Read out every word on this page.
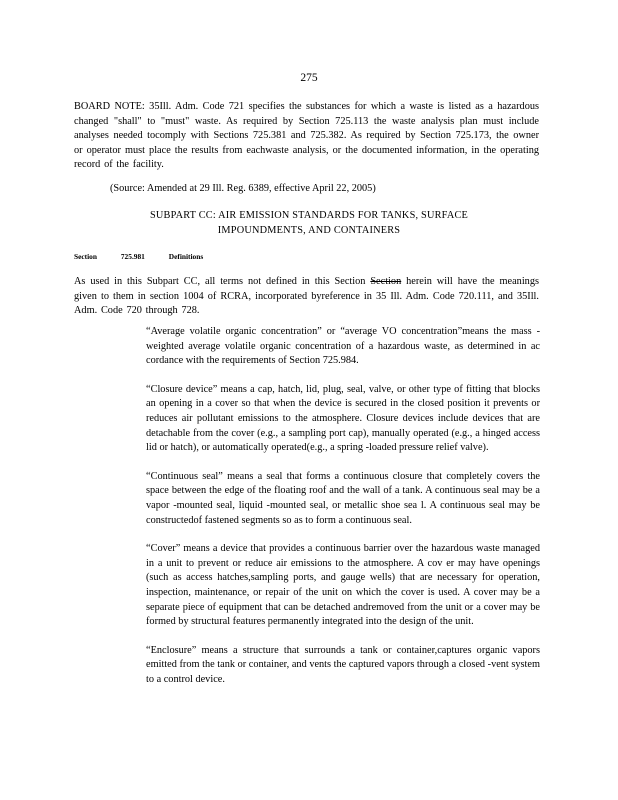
275
BOARD NOTE: 35Ill. Adm. Code 721 specifies the substances for which a waste is listed as a hazardous changed "shall" to "must" waste. As required by Section 725.113 the waste analysis plan must include analyses needed tocomply with Sections 725.381 and 725.382. As required by Section 725.173, the owner or operator must place the results from eachwaste analysis, or the documented information, in the operating record of the facility.
(Source: Amended at 29 Ill. Reg. 6389, effective April 22, 2005)
SUBPART CC: AIR EMISSION STANDARDS FOR TANKS, SURFACE
IMPOUNDMENTS, AND CONTAINERS
Section	725.981	Definitions
As used in this Subpart CC, all terms not defined in this Section Section herein will have the meanings given to them in section 1004 of RCRA, incorporated byreference in 35 Ill. Adm. Code 720.111, and 35Ill. Adm. Code 720 through 728.

“Average volatile organic concentration” or “average VO concentration”means the mass -weighted average volatile organic concentration of a hazardous waste, as determined in ac cordance with the requirements of Section 725.984.

“Closure device” means a cap, hatch, lid, plug, seal, valve, or other type of fitting that blocks an opening in a cover so that when the device is secured in the closed position it prevents or reduces air pollutant emissions to the atmosphere. Closure devices include devices that are detachable from the cover (e.g., a sampling port cap), manually operated (e.g., a hinged access lid or hatch), or automatically operated(e.g., a spring -loaded pressure relief valve).

“Continuous seal” means a seal that forms a continuous closure that completely covers the space between the edge of the floating roof and the wall of a tank. A continuous seal may be a vapor -mounted seal, liquid -mounted seal, or metallic shoe sea l. A continuous seal may be constructedof fastened segments so as to form a continuous seal.

“Cover” means a device that provides a continuous barrier over the hazardous waste managed in a unit to prevent or reduce air emissions to the atmosphere. A cov er may have openings (such as access hatches,sampling ports, and gauge wells) that are necessary for operation, inspection, maintenance, or repair of the unit on which the cover is used. A cover may be a separate piece of equipment that can be detached andremoved from the unit or a cover may be formed by structural features permanently integrated into the design of the unit.

“Enclosure” means a structure that surrounds a tank or container,captures organic vapors emitted from the tank or container, and vents the captured vapors through a closed -vent system to a control device.
